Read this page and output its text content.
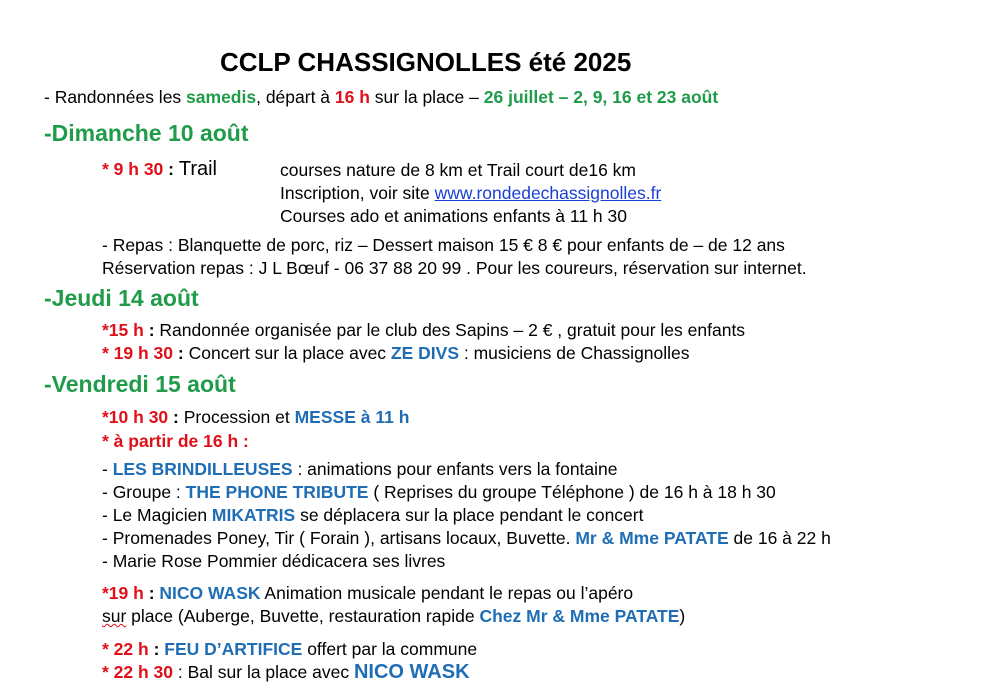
CCLP CHASSIGNOLLES été 2025
- Randonnées les samedis, départ à 16 h sur la place – 26 juillet – 2, 9, 16 et 23 août
-Dimanche 10 août
* 9 h 30 : Trail	courses nature de 8 km et Trail court de16 km
Inscription, voir site www.rondedechassignolles.fr
Courses ado et animations enfants à 11 h 30
- Repas : Blanquette de porc, riz – Dessert maison 15 € 8 € pour enfants de – de 12 ans
Réservation repas : J L Bœuf - 06 37 88 20 99 . Pour les coureurs, réservation sur internet.
-Jeudi 14 août
*15 h : Randonnée organisée par le club des Sapins – 2 € , gratuit pour les enfants
* 19 h 30 : Concert sur la place avec ZE DIVS : musiciens de Chassignolles
-Vendredi 15 août
*10 h 30 : Procession et MESSE à 11 h
* à partir de 16 h :
- LES BRINDILLEUSES : animations pour enfants vers la fontaine
- Groupe : THE PHONE TRIBUTE ( Reprises du groupe Téléphone ) de 16 h à 18 h 30
- Le Magicien MIKATRIS se déplacera sur la place pendant le concert
- Promenades Poney, Tir ( Forain ), artisans locaux, Buvette. Mr & Mme PATATE de 16 à 22 h
- Marie Rose Pommier dédicacera ses livres
*19 h : NICO WASK Animation musicale pendant le repas ou l’apéro
sur place (Auberge, Buvette, restauration rapide Chez Mr & Mme PATATE)
* 22 h : FEU D’ARTIFICE offert par la commune
* 22 h 30 : Bal sur la place avec NICO WASK
